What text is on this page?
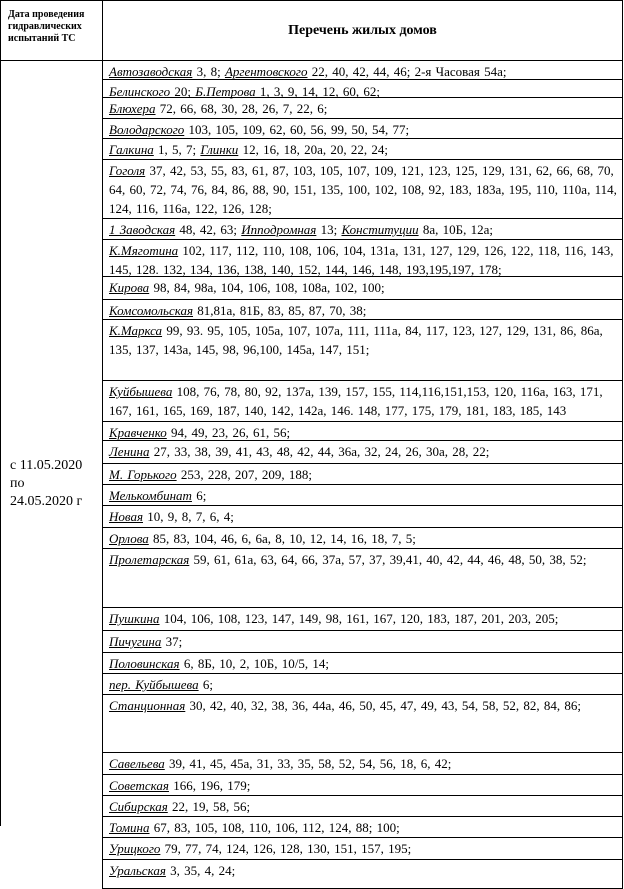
Дата проведения гидравлических испытаний ТС
Перечень жилых домов
с 11.05.2020
по
24.05.2020 г
Автозаводская 3, 8; Аргентовского 22, 40, 42, 44, 46; 2-я Часовая 54а;
Белинского 20; Б.Петрова 1, 3, 9, 14, 12, 60, 62;
Блюхера 72, 66, 68, 30, 28, 26, 7, 22, 6;
Володарского 103, 105, 109, 62, 60, 56, 99, 50, 54, 77;
Галкина 1, 5, 7; Глинки 12, 16, 18, 20а, 20, 22, 24;
Гоголя 37, 42, 53, 55, 83, 61, 87, 103, 105, 107, 109, 121, 123, 125, 129, 131, 62, 66, 68, 70, 64, 60, 72, 74, 76, 84, 86, 88, 90, 151, 135, 100, 102, 108, 92, 183, 183а, 195, 110, 110а, 114, 124, 116, 116а, 122, 126, 128;
1 Заводская 48, 42, 63; Ипподромная 13; Конституции 8а, 10Б, 12а;
К.Мяготина 102, 117, 112, 110, 108, 106, 104, 131а, 131, 127, 129, 126, 122, 118, 116, 143, 145, 128. 132, 134, 136, 138, 140, 152, 144, 146, 148, 193,195,197, 178;
Кирова 98, 84, 98а, 104, 106, 108, 108а, 102, 100;
Комсомольская 81,81а, 81Б, 83, 85, 87, 70, 38;
К.Маркса 99, 93. 95, 105, 105а, 107, 107а, 111, 111а, 84, 117, 123, 127, 129, 131, 86, 86а, 135, 137, 143а, 145, 98, 96,100, 145а, 147, 151;
Куйбышева 108, 76, 78, 80, 92, 137а, 139, 157, 155, 114,116,151,153, 120, 116а, 163, 171, 167, 161, 165, 169, 187, 140, 142, 142а, 146. 148, 177, 175, 179, 181, 183, 185, 143
Кравченко 94, 49, 23, 26, 61, 56;
Ленина 27, 33, 38, 39, 41, 43, 48, 42, 44, 36а, 32, 24, 26, 30а, 28, 22;
М. Горького 253, 228, 207, 209, 188;
Мелькомбинат 6;
Новая 10, 9, 8, 7, 6, 4;
Орлова 85, 83, 104, 46, 6, 6а, 8, 10, 12, 14, 16, 18, 7, 5;
Пролетарская 59, 61, 61а, 63, 64, 66, 37а, 57, 37, 39,41, 40, 42, 44, 46, 48, 50, 38, 52;
Пушкина 104, 106, 108, 123, 147, 149, 98, 161, 167, 120, 183, 187, 201, 203, 205;
Пичугина 37;
Половинская 6, 8Б, 10, 2, 10Б, 10/5, 14;
пер. Куйбышева 6;
Станционная 30, 42, 40, 32, 38, 36, 44а, 46, 50, 45, 47, 49, 43, 54, 58, 52, 82, 84, 86;
Савельева 39, 41, 45, 45а, 31, 33, 35, 58, 52, 54, 56, 18, 6, 42;
Советская 166, 196, 179;
Сибирская 22, 19, 58, 56;
Томина 67, 83, 105, 108, 110, 106, 112, 124, 88; 100;
Урицкого 79, 77, 74, 124, 126, 128, 130, 151, 157, 195;
Уральская 3, 35, 4, 24;
